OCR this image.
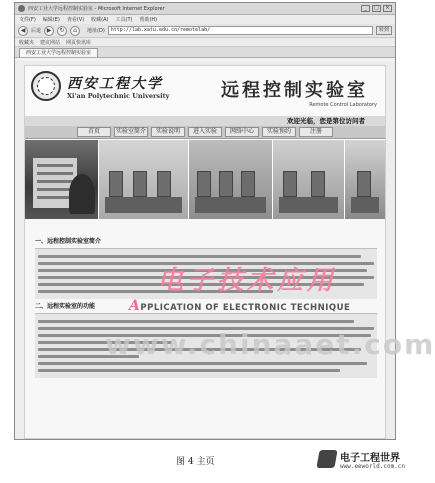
西安工业大学远程控制实验室 - Microsoft Internet Explorer	_	□	×
文件(F) 编辑(E) 查看(V) 收藏(A) 工具(T) 帮助(H)
◀	后退 ▶	↻	⌂	地址(D)	http://lab.xatu.edu.cn/remotelab/	转到
收藏夹 建议网站 网页快讯库
西安工业大学远程控制实验室
西安工程大学
Xi'an Polytechnic University	远程控制实验室
Remote Control Laboratory
欢迎光临，您是第位访问者
首页	实验室简介	实验说明	进入实验	网络中心	实验预约	注册
一、远程控制实验室简介
二、远程实验室的功能
电子技术应用
APPLICATION OF ELECTRONIC TECHNIQUE
www.chinaaet.com
图 4 主页	电子工程世界
www.eeworld.com.cn
